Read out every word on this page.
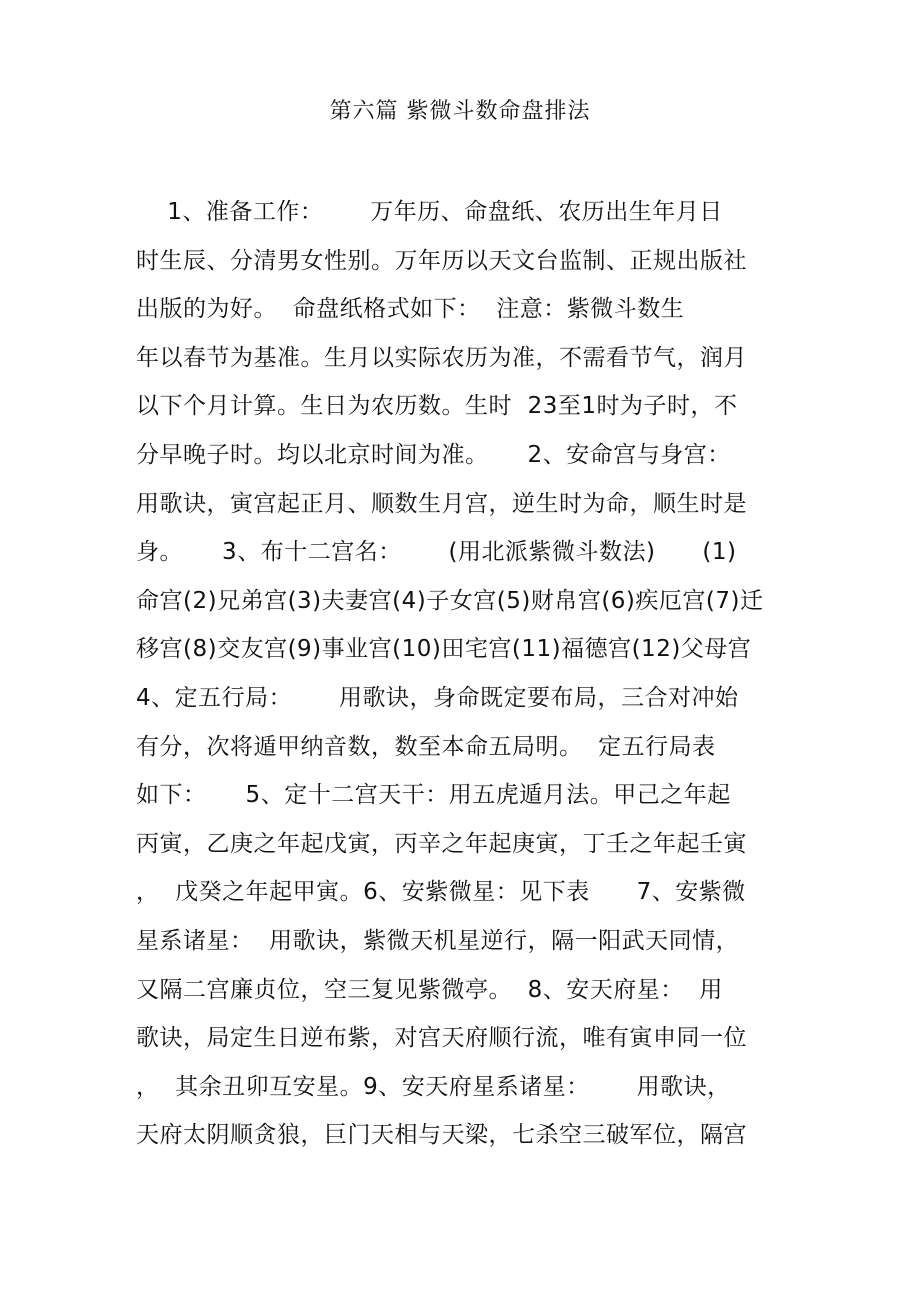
第六篇 紫微斗数命盘排法
1、准备工作：      万年历、命盘纸、农历出生年月日
时生辰、分清男女性别。万年历以天文台监制、正规出版社
出版的为好。  命盘纸格式如下：  注意：紫微斗数生
年以春节为基准。生月以实际农历为准，不需看节气，润月
以下个月计算。生日为农历数。生时  23至1时为子时，不
分早晚子时。均以北京时间为准。     2、安命宫与身宫：
用歌诀，寅宫起正月、顺数生月宫，逆生时为命，顺生时是
身。     3、布十二宫名：      (用北派紫微斗数法)      (1)
命宫(2)兄弟宫(3)夫妻宫(4)子女宫(5)财帛宫(6)疾厄宫(7)迁
移宫(8)交友宫(9)事业宫(10)田宅宫(11)福德宫(12)父母宫
4、定五行局：      用歌诀，身命既定要布局，三合对冲始
有分，次将遁甲纳音数，数至本命五局明。  定五行局表
如下：     5、定十二宫天干：用五虎遁月法。甲己之年起
丙寅，乙庚之年起戊寅，丙辛之年起庚寅，丁壬之年起壬寅
，  戊癸之年起甲寅。6、安紫微星：见下表      7、安紫微
星系诸星：  用歌诀，紫微天机星逆行，隔一阳武天同情，
又隔二宫廉贞位，空三复见紫微亭。  8、安天府星：  用
歌诀，局定生日逆布紫，对宫天府顺行流，唯有寅申同一位
，  其余丑卯互安星。9、安天府星系诸星：      用歌诀，
天府太阴顺贪狼，巨门天相与天梁，七杀空三破军位，隔宫
